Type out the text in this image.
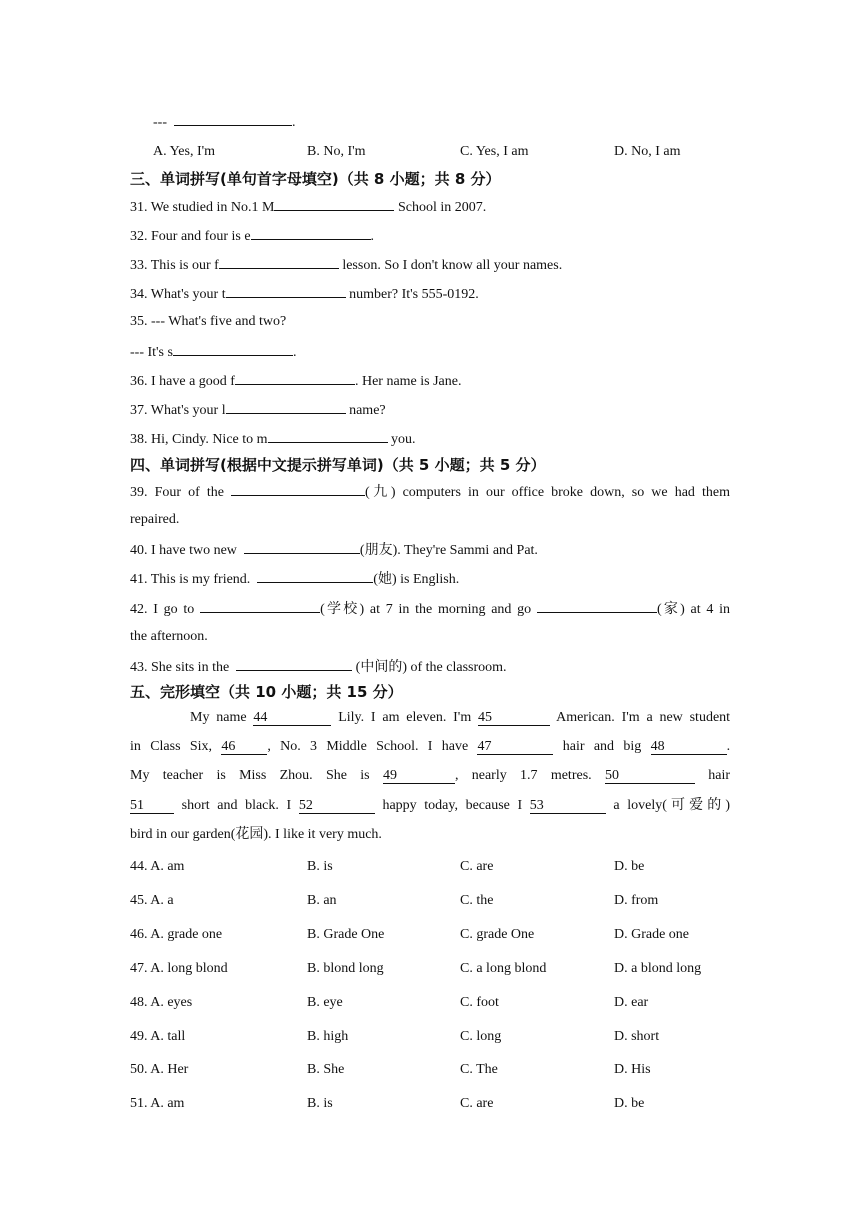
---	.
A. Yes, I'm	B. No, I'm	C. Yes, I am	D. No, I am
三、单词拼写(单句首字母填空)（共 8 小题；共 8 分）
31. We studied in No.1 M	School in 2007.
32. Four and four is e	.
33. This is our f	lesson. So I don't know all your names.
34. What's your t	number? It's 555-0192.
35. --- What's five and two?
--- It's s	.
36. I have a good f	. Her name is Jane.
37. What's your l	name?
38. Hi, Cindy. Nice to m	you.
四、单词拼写(根据中文提示拼写单词)（共 5 小题；共 5 分）
39. Four of the	(九) computers in our office broke down, so we had them
repaired.
40. I have two new	(朋友). They're Sammi and Pat.
41. This is my friend.	(她) is English.
42. I go to	(学校) at 7 in the morning and go	(家) at 4 in
the afternoon.
43. She sits in the	(中间的) of the classroom.
五、完形填空（共 10 小题；共 15 分）
My name 44	Lily. I am eleven. I'm 45	American. I'm a new student
in Class Six, 46 , No. 3 Middle School. I have 47	hair and big 48	.
My teacher is Miss Zhou. She is 49	, nearly 1.7 metres. 50	hair
51	short and black. I 52	happy today, because I 53	a lovely(可爱的)
bird in our garden(花园). I like it very much.
44. A. am	B. is	C. are	D. be
45. A. a	B. an	C. the	D. from
46. A. grade one	B. Grade One	C. grade One	D. Grade one
47. A. long blond	B. blond long	C. a long blond	D. a blond long
48. A. eyes	B. eye	C. foot	D. ear
49. A. tall	B. high	C. long	D. short
50. A. Her	B. She	C. The	D. His
51. A. am	B. is	C. are	D. be
